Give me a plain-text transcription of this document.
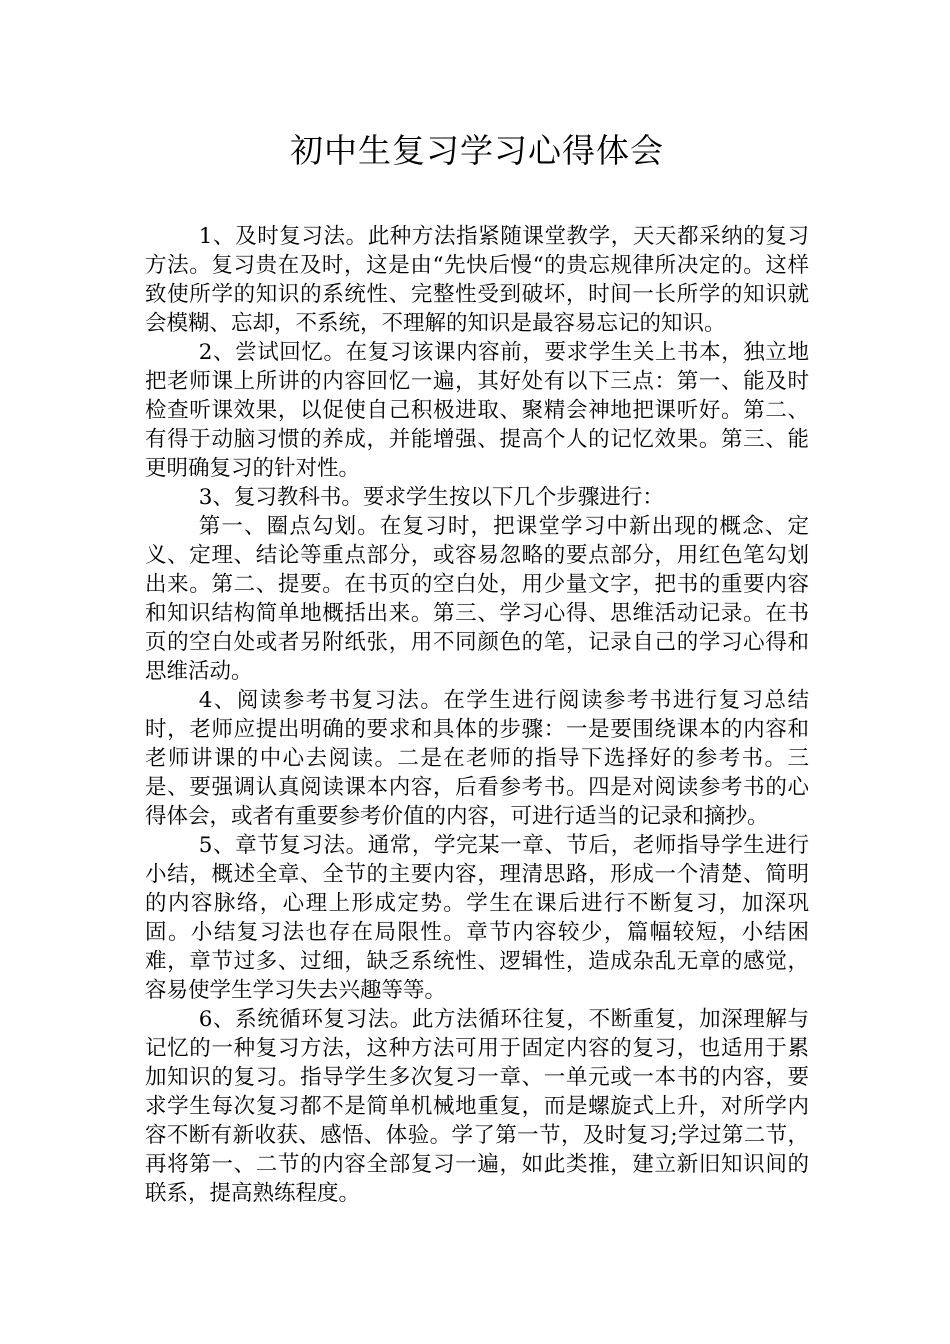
初中生复习学习心得体会

1、及时复习法。此种方法指紧随课堂教学，天天都采纳的复习方法。复习贵在及时，这是由“先快后慢“的贵忘规律所决定的。这样致使所学的知识的系统性、完整性受到破坏，时间一长所学的知识就会模糊、忘却，不系统，不理解的知识是最容易忘记的知识。

2、尝试回忆。在复习该课内容前，要求学生关上书本，独立地把老师课上所讲的内容回忆一遍，其好处有以下三点：第一、能及时检查听课效果，以促使自己积极进取、聚精会神地把课听好。第二、有得于动脑习惯的养成，并能增强、提高个人的记忆效果。第三、能更明确复习的针对性。

3、复习教科书。要求学生按以下几个步骤进行：

第一、圈点勾划。在复习时，把课堂学习中新出现的概念、定义、定理、结论等重点部分，或容易忽略的要点部分，用红色笔勾划出来。第二、提要。在书页的空白处，用少量文字，把书的重要内容和知识结构简单地概括出来。第三、学习心得、思维活动记录。在书页的空白处或者另附纸张，用不同颜色的笔，记录自己的学习心得和思维活动。

4、阅读参考书复习法。在学生进行阅读参考书进行复习总结时，老师应提出明确的要求和具体的步骤：一是要围绕课本的内容和老师讲课的中心去阅读。二是在老师的指导下选择好的参考书。三是、要强调认真阅读课本内容，后看参考书。四是对阅读参考书的心得体会，或者有重要参考价值的内容，可进行适当的记录和摘抄。

5、章节复习法。通常，学完某一章、节后，老师指导学生进行小结，概述全章、全节的主要内容，理清思路，形成一个清楚、简明的内容脉络，心理上形成定势。学生在课后进行不断复习，加深巩固。小结复习法也存在局限性。章节内容较少，篇幅较短，小结困难，章节过多、过细，缺乏系统性、逻辑性，造成杂乱无章的感觉，容易使学生学习失去兴趣等等。

6、系统循环复习法。此方法循环往复，不断重复，加深理解与记忆的一种复习方法，这种方法可用于固定内容的复习，也适用于累加知识的复习。指导学生多次复习一章、一单元或一本书的内容，要求学生每次复习都不是简单机械地重复，而是螺旋式上升，对所学内容不断有新收获、感悟、体验。学了第一节，及时复习;学过第二节，再将第一、二节的内容全部复习一遍，如此类推，建立新旧知识间的联系，提高熟练程度。
